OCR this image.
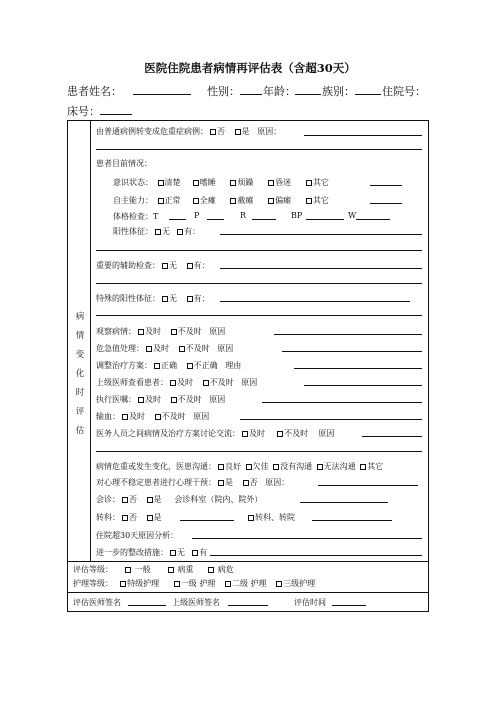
医院住院患者病情再评估表（含超30天）
患者姓名：	性别： 年龄： 族别： 住院号：
床号：
病
情
变
化
时
评
估
由普通病例转变成危重症病例： 否 是 原因：
患者目前情况：
意识状态： 清楚 嗜睡	烦躁	昏迷	其它
自主能力： 正常 全瘫	截瘫	偏瘫	其它
体格检查：T	P	R	BP	W
阳性体征： 无 有：
重要的辅助检查： 无 有：
特殊的阳性体征： 无 有：
观察病情： 及时 不及时 原因
危急值处理： 及时 不及时 原因
调整治疗方案： 正确 不正确 理由
上级医师查看患者： 及时 不及时 原因
执行医嘱： 及时 不及时 原因
输血： 及时 不及时 原因
医务人员之间病情及治疗方案讨论交流： 及时 不及时 原因
病情危重或发生变化，医患沟通： 良好 欠佳 没有沟通 无法沟通 其它
对心理不稳定患者进行心理干预： 是 否 原因：
会诊： 否 是 会诊科室（院内、院外）
转科： 否 是	转科、转院
住院超30天原因分析：
进一步的整改措施： 无 有
评估等级：	一般	病重	病危
护理等级： 特级护理	一级 护理 二级 护理 三级护理
评估医师签名	上级医师签名	评估时间
